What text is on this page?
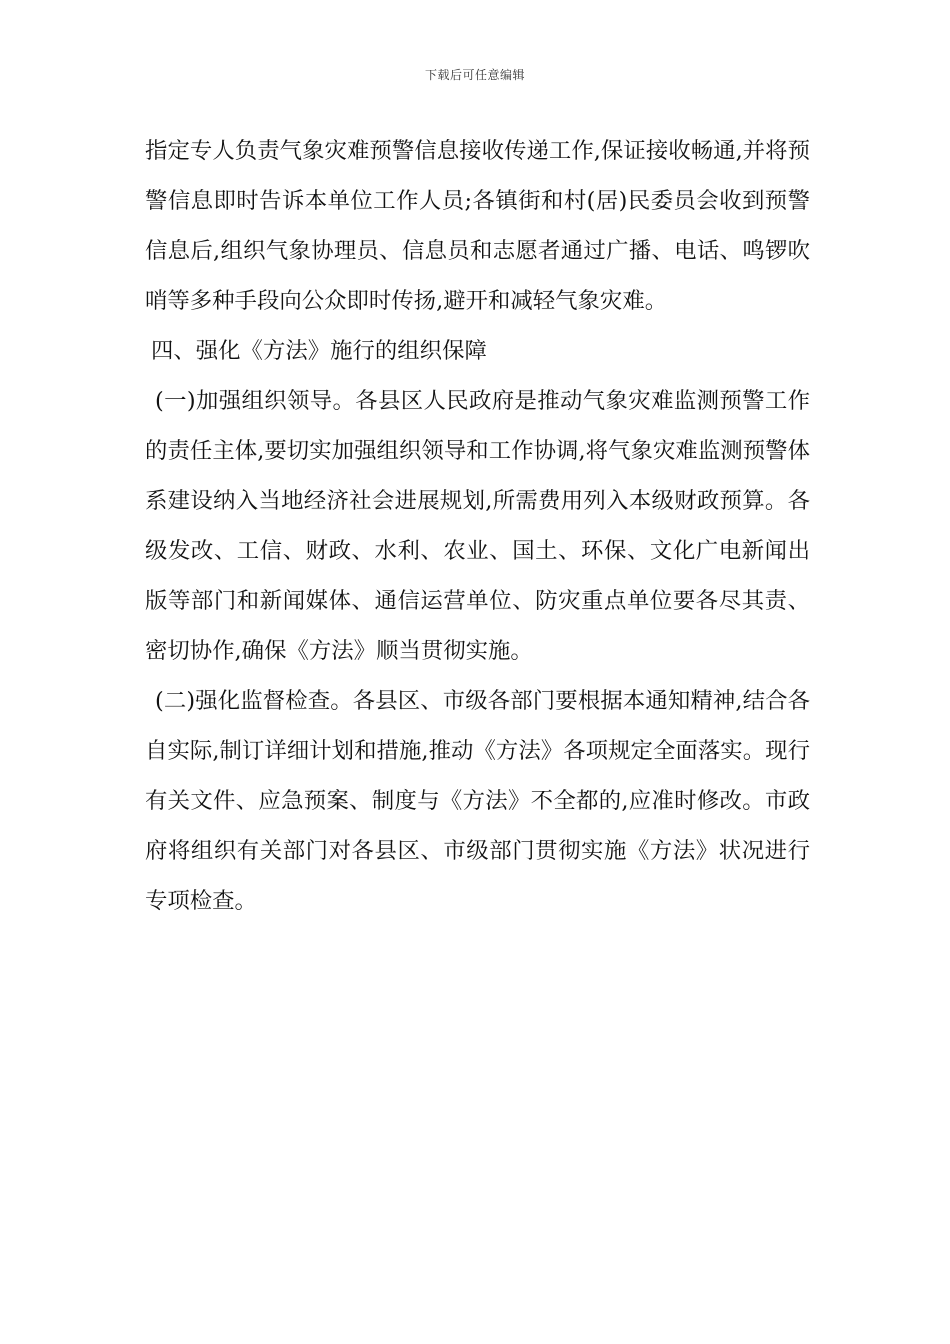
下载后可任意编辑

指定专人负责气象灾难预警信息接收传递工作,保证接收畅通,并将预警信息即时告诉本单位工作人员;各镇街和村(居)民委员会收到预警信息后,组织气象协理员、信息员和志愿者通过广播、电话、鸣锣吹哨等多种手段向公众即时传扬,避开和减轻气象灾难。

四、强化《方法》施行的组织保障

(一)加强组织领导。各县区人民政府是推动气象灾难监测预警工作的责任主体,要切实加强组织领导和工作协调,将气象灾难监测预警体系建设纳入当地经济社会进展规划,所需费用列入本级财政预算。各级发改、工信、财政、水利、农业、国土、环保、文化广电新闻出版等部门和新闻媒体、通信运营单位、防灾重点单位要各尽其责、密切协作,确保《方法》顺当贯彻实施。

(二)强化监督检查。各县区、市级各部门要根据本通知精神,结合各自实际,制订详细计划和措施,推动《方法》各项规定全面落实。现行有关文件、应急预案、制度与《方法》不全都的,应准时修改。市政府将组织有关部门对各县区、市级部门贯彻实施《方法》状况进行专项检查。
